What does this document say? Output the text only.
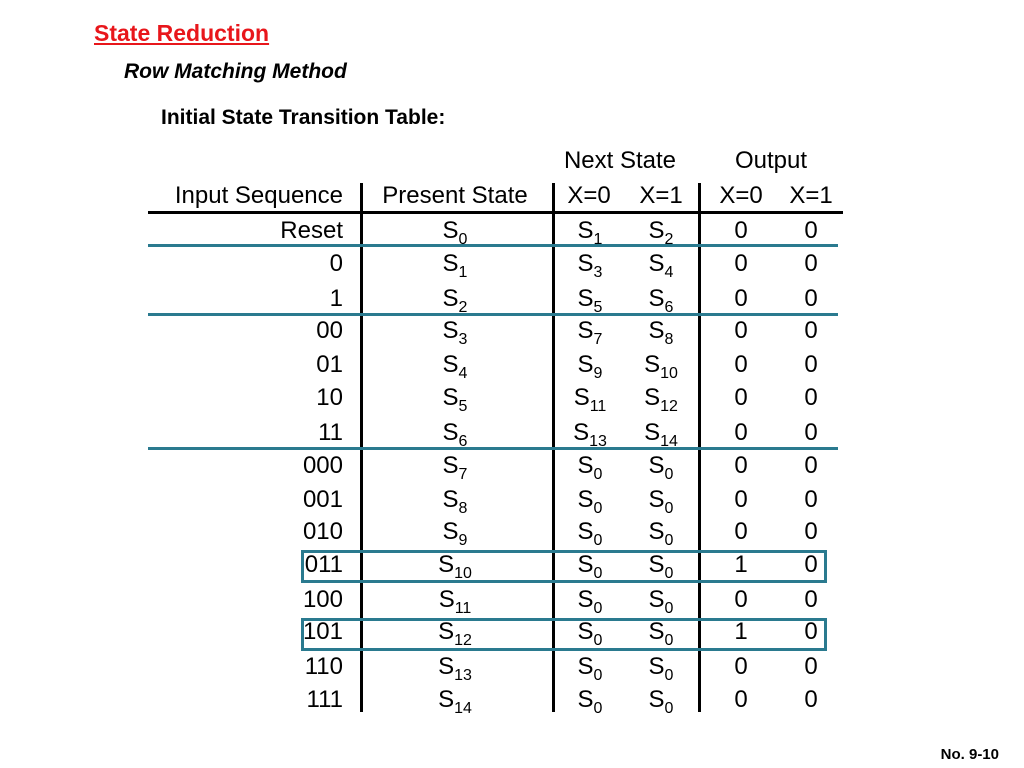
State Reduction
Row Matching Method
Initial State Transition Table:
Next State Output
Input Sequence Present State X=0 X=1 X=0 X=1
Reset	$S_0$	$S_1$ $S_2$	0 0
0	$S_1$	$S_3$ $S_4$	0 0
1	$S_2$	$S_5$ $S_6$	0 0
00	$S_3$	$S_7$ $S_8$	0 0
01	$S_4$	$S_9$ $S_{10}$ 0 0
10	$S_5$	$S_{11}$ $S_{12}$ 0 0
11	$S_6$	$S_{13}$ $S_{14}$ 0 0
000	$S_7$	$S_0$ $S_0$	0 0
001	$S_8$	$S_0$ $S_0$	0 0
010	$S_9$	$S_0$ $S_0$	0 0
011	$S_{10}$	$S_0$ $S_0$	1 0
100	$S_{11}$	$S_0$ $S_0$	0 0
101	$S_{12}$	$S_0$ $S_0$	1 0
110	$S_{13}$	$S_0$ $S_0$	0 0
111	$S_{14}$	$S_0$ $S_0$	0 0
No. 9-10
